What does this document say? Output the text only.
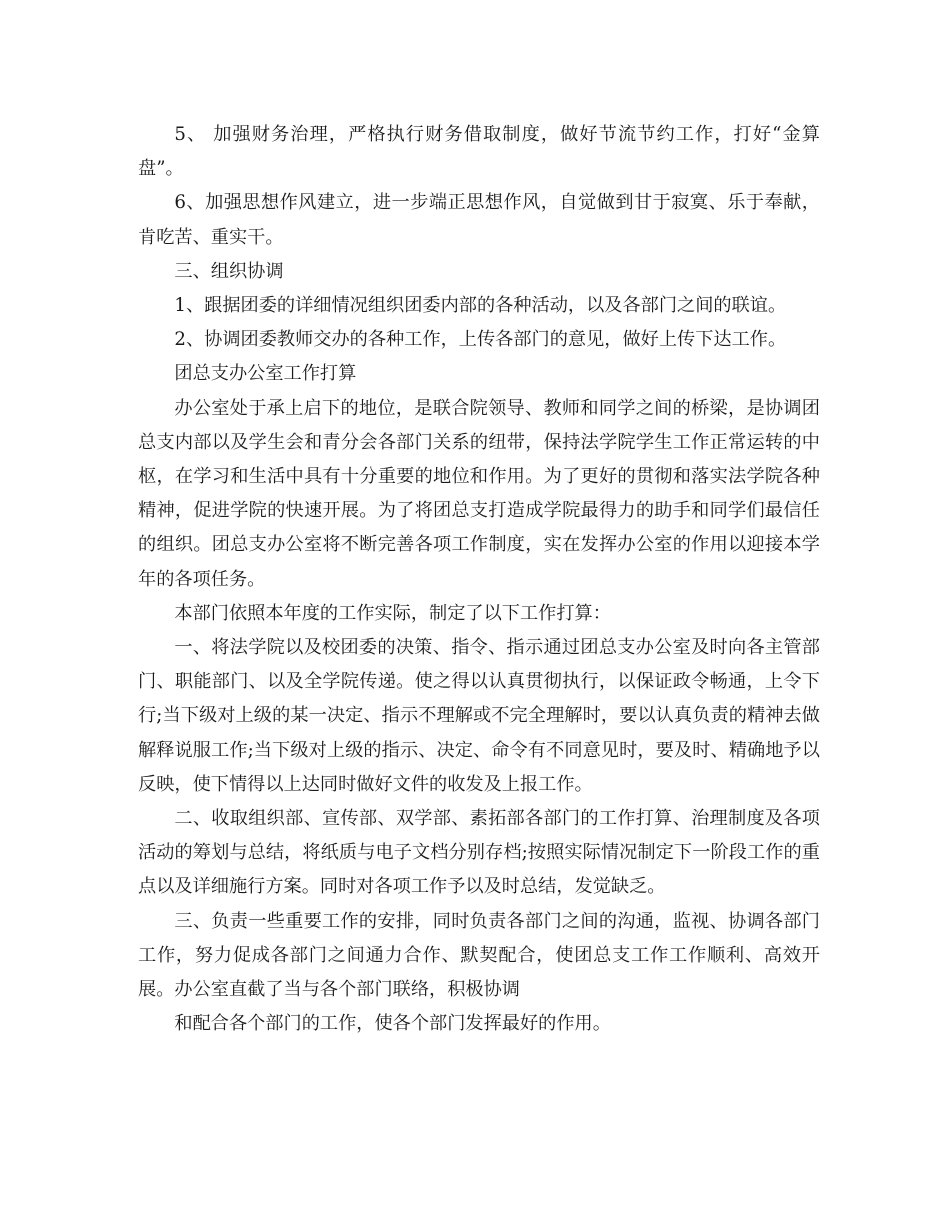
5、 加强财务治理，严格执行财务借取制度，做好节流节约工作，打好“金算盘”。

6、加强思想作风建立，进一步端正思想作风，自觉做到甘于寂寞、乐于奉献，肯吃苦、重实干。

三、组织协调

1、跟据团委的详细情况组织团委内部的各种活动，以及各部门之间的联谊。

2、协调团委教师交办的各种工作，上传各部门的意见，做好上传下达工作。

团总支办公室工作打算

办公室处于承上启下的地位，是联合院领导、教师和同学之间的桥梁，是协调团总支内部以及学生会和青分会各部门关系的纽带，保持法学院学生工作正常运转的中枢，在学习和生活中具有十分重要的地位和作用。为了更好的贯彻和落实法学院各种精神，促进学院的快速开展。为了将团总支打造成学院最得力的助手和同学们最信任的组织。团总支办公室将不断完善各项工作制度，实在发挥办公室的作用以迎接本学年的各项任务。

本部门依照本年度的工作实际，制定了以下工作打算：

一、将法学院以及校团委的决策、指令、指示通过团总支办公室及时向各主管部门、职能部门、以及全学院传递。使之得以认真贯彻执行，以保证政令畅通，上令下行;当下级对上级的某一决定、指示不理解或不完全理解时，要以认真负责的精神去做解释说服工作;当下级对上级的指示、决定、命令有不同意见时，要及时、精确地予以反映，使下情得以上达同时做好文件的收发及上报工作。

二、收取组织部、宣传部、双学部、素拓部各部门的工作打算、治理制度及各项活动的筹划与总结，将纸质与电子文档分别存档;按照实际情况制定下一阶段工作的重点以及详细施行方案。同时对各项工作予以及时总结，发觉缺乏。

三、负责一些重要工作的安排，同时负责各部门之间的沟通，监视、协调各部门工作，努力促成各部门之间通力合作、默契配合，使团总支工作工作顺利、高效开展。办公室直截了当与各个部门联络，积极协调

和配合各个部门的工作，使各个部门发挥最好的作用。
